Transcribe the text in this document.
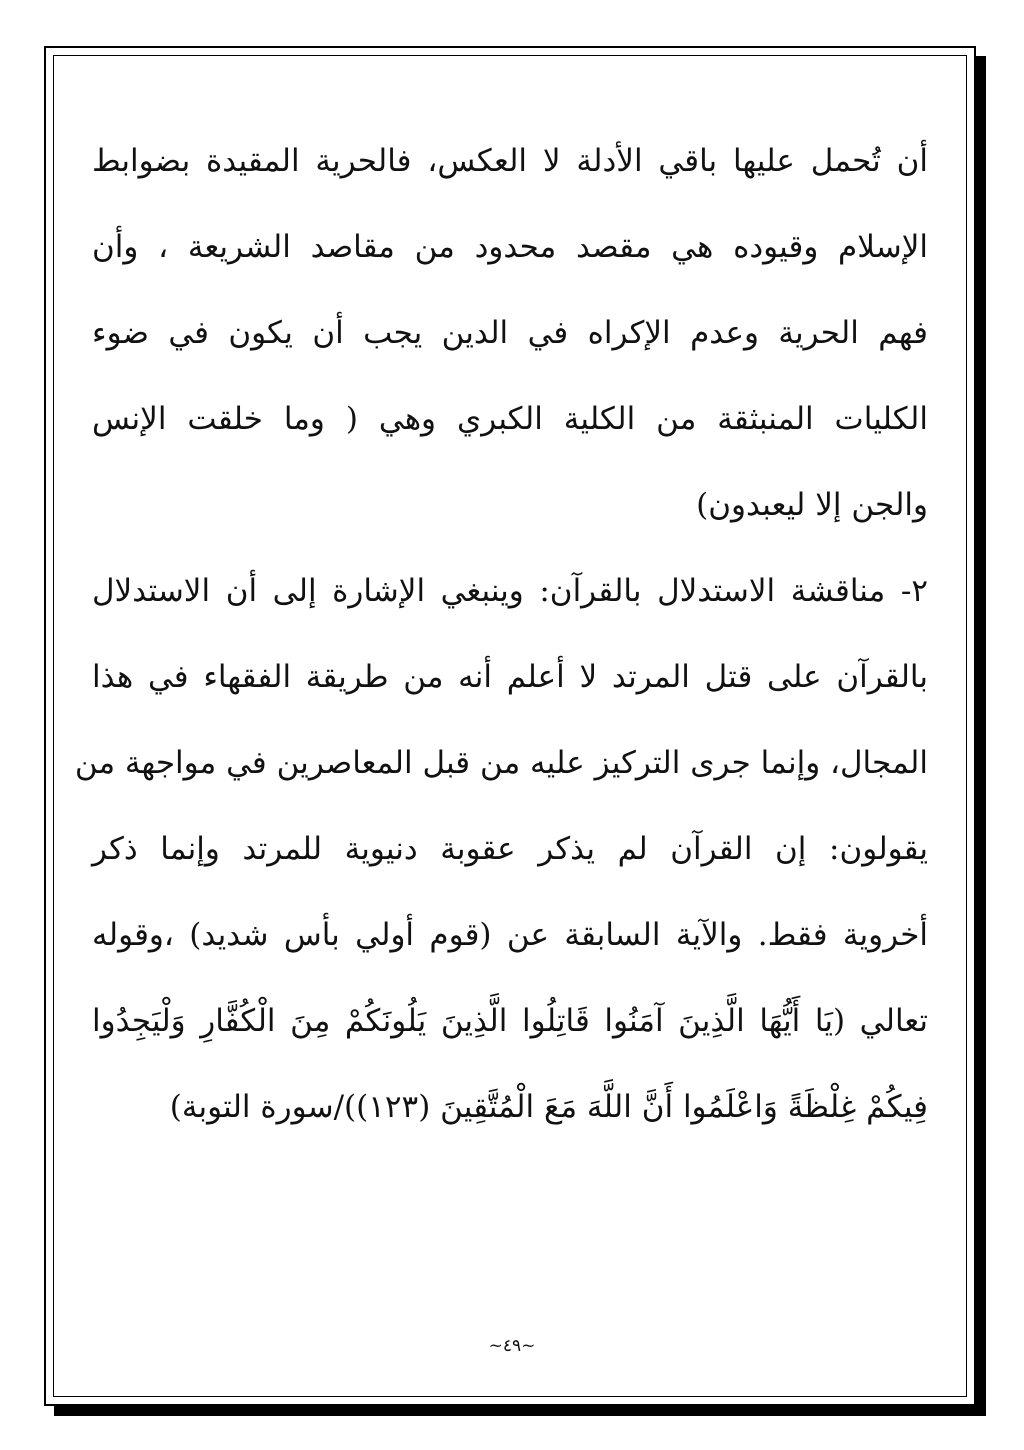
أن تُحمل عليها باقي الأدلة لا العكس، فالحرية المقيدة بضوابط
الإسلام وقيوده هي مقصد محدود من مقاصد الشريعة ، وأن
فهم الحرية وعدم الإكراه في الدين يجب أن يكون في ضوء
الكليات المنبثقة من الكلية الكبري وهي ( وما خلقت الإنس
والجن إلا ليعبدون)
٢- مناقشة الاستدلال بالقرآن: وينبغي الإشارة إلى أن الاستدلال
بالقرآن على قتل المرتد لا أعلم أنه من طريقة الفقهاء في هذا
المجال، وإنما جرى التركيز عليه من قبل المعاصرين في مواجهة من
يقولون: إن القرآن لم يذكر عقوبة دنيوية للمرتد وإنما ذكر
أخروية فقط. والآية السابقة عن (قوم أولي بأس شديد) ،وقوله
تعالي (يَا أَيُّهَا الَّذِينَ آمَنُوا قَاتِلُوا الَّذِينَ يَلُونَكُمْ مِنَ الْكُفَّارِ وَلْيَجِدُوا
فِيكُمْ غِلْظَةً وَاعْلَمُوا أَنَّ اللَّهَ مَعَ الْمُتَّقِينَ (١٢٣))/سورة التوبة)
~٤٩~
